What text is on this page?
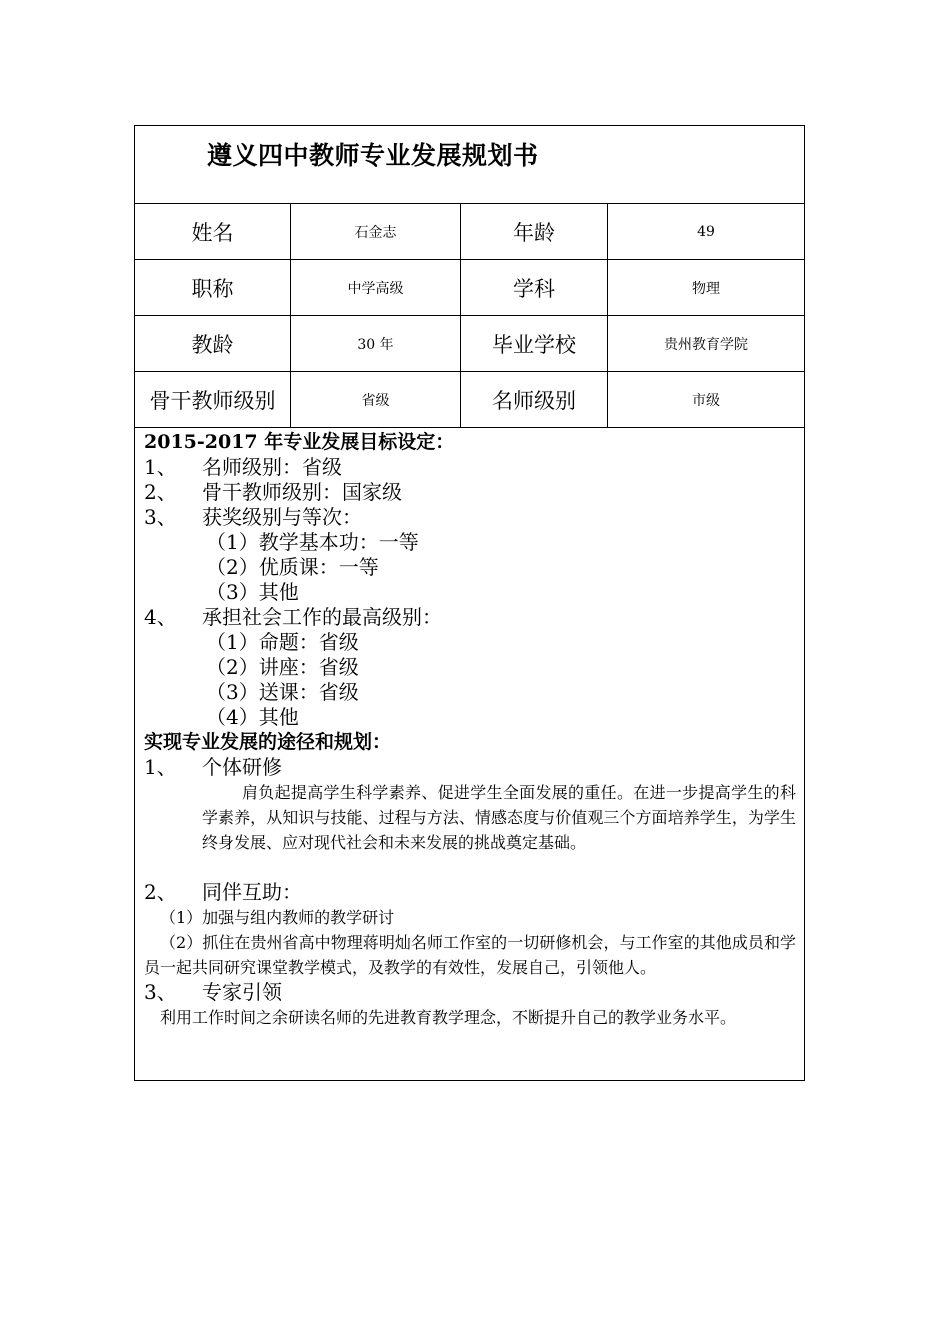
遵义四中教师专业发展规划书
姓名	石金志	年龄	49
职称	中学高级	学科	物理
教龄	30 年	毕业学校	贵州教育学院
骨干教师级别	省级	名师级别	市级
2015-2017 年专业发展目标设定：
1、 名师级别：省级
2、 骨干教师级别：国家级
3、 获奖级别与等次：
（1）教学基本功：一等
（2）优质课：一等
（3）其他
4、 承担社会工作的最高级别：
（1）命题：省级
（2）讲座：省级
（3）送课：省级
（4）其他
实现专业发展的途径和规划：
1、 个体研修
肩负起提高学生科学素养、促进学生全面发展的重任。在进一步提高学生的科学素养，从知识与技能、过程与方法、情感态度与价值观三个方面培养学生，为学生终身发展、应对现代社会和未来发展的挑战奠定基础。
2、 同伴互助：
（1）加强与组内教师的教学研讨
（2）抓住在贵州省高中物理蒋明灿名师工作室的一切研修机会，与工作室的其他成员和学员一起共同研究课堂教学模式，及教学的有效性，发展自己，引领他人。
3、 专家引领
利用工作时间之余研读名师的先进教育教学理念，不断提升自己的教学业务水平。
